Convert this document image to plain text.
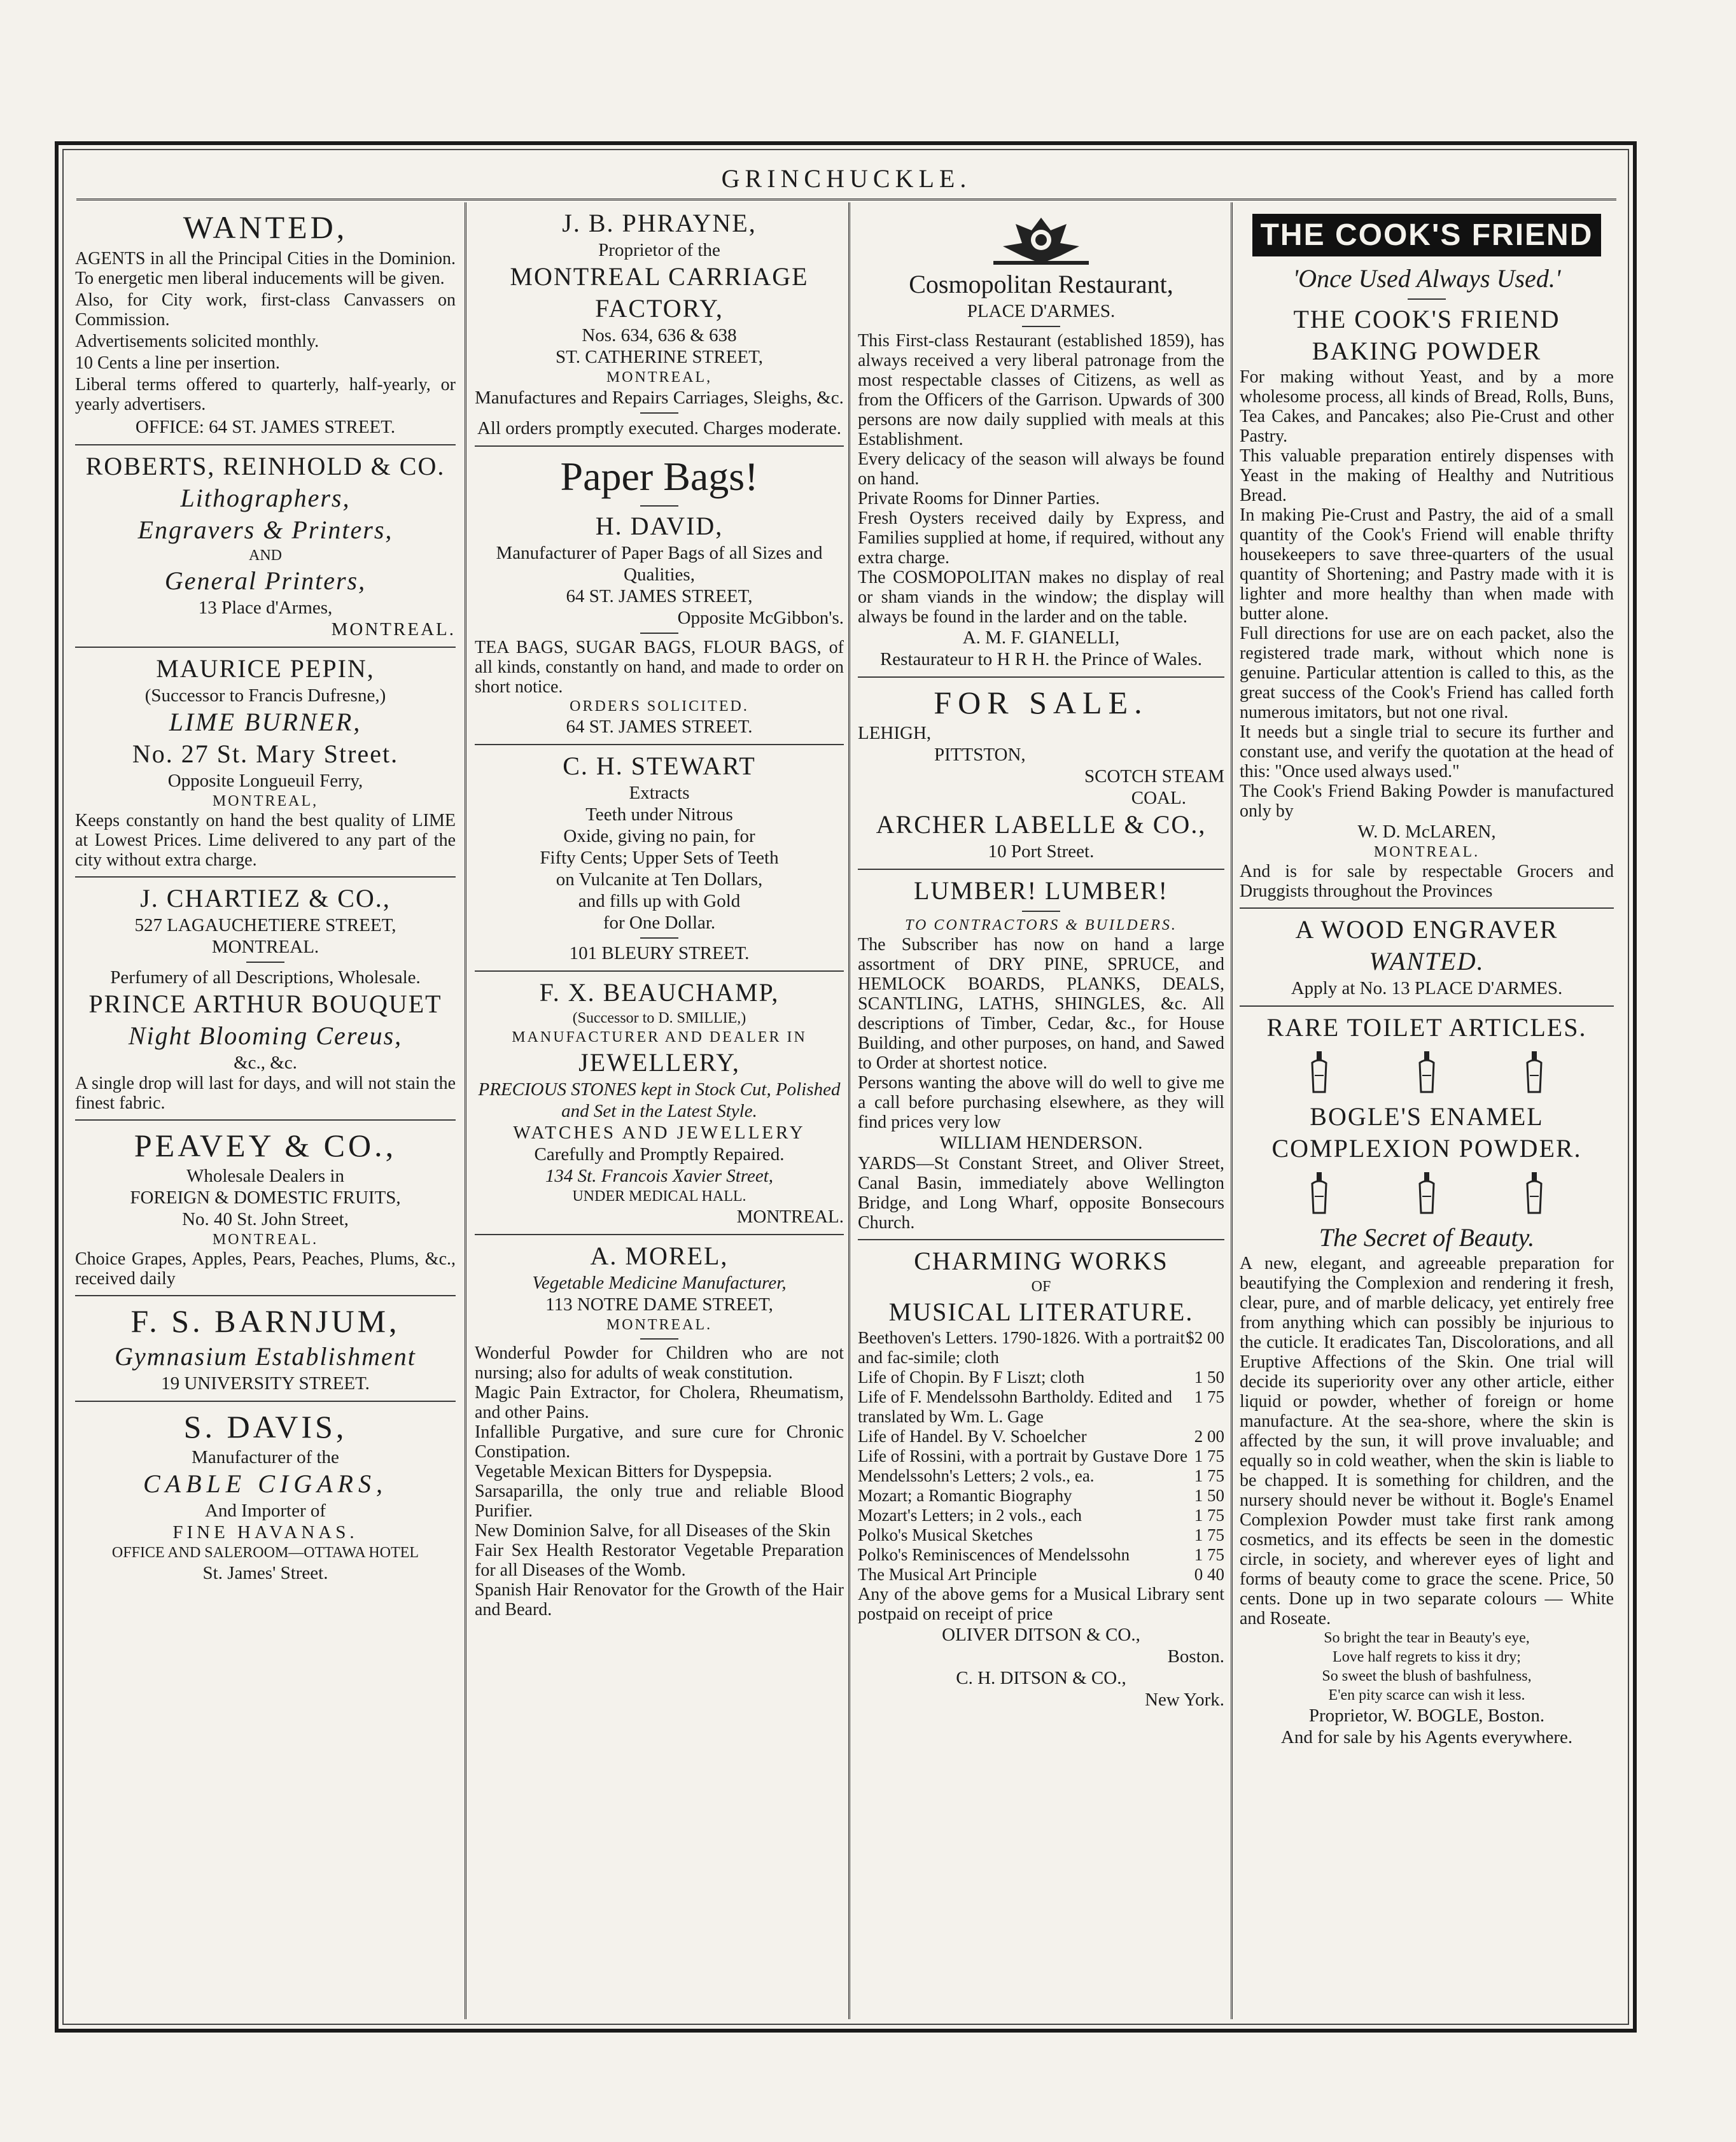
GRINCHUCKLE.
WANTED,
AGENTS in all the Principal Cities in the Dominion. To energetic men liberal inducements will be given.
Also, for City work, first-class Canvassers on Commission.
Advertisements solicited monthly.
10 Cents a line per insertion.
Liberal terms offered to quarterly, half-yearly, or yearly advertisers.
OFFICE: 64 ST. JAMES STREET.
ROBERTS, REINHOLD & CO.
Lithographers,
Engravers & Printers,
AND
General Printers,
13 Place d'Armes,
MONTREAL.
MAURICE PEPIN,
(Successor to Francis Dufresne,)
LIME BURNER,
No. 27 St. Mary Street.
Opposite Longueuil Ferry,
MONTREAL,
Keeps constantly on hand the best quality of LIME at Lowest Prices. Lime delivered to any part of the city without extra charge.
J. CHARTIEZ & CO.,
527 LAGAUCHETIERE STREET,
MONTREAL.
Perfumery of all Descriptions, Wholesale.
PRINCE ARTHUR BOUQUET
Night Blooming Cereus,
&c., &c.
A single drop will last for days, and will not stain the finest fabric.
PEAVEY & CO.,
Wholesale Dealers in
FOREIGN & DOMESTIC FRUITS,
No. 40 St. John Street,
MONTREAL.
Choice Grapes, Apples, Pears, Peaches, Plums, &c., received daily
F. S. BARNJUM,
Gymnasium Establishment
19 UNIVERSITY STREET.
S. DAVIS,
Manufacturer of the
CABLE CIGARS,
And Importer of
FINE HAVANAS.
OFFICE AND SALEROOM—OTTAWA HOTEL
St. James' Street.
J. B. PHRAYNE,
Proprietor of the
MONTREAL CARRIAGE
FACTORY,
Nos. 634, 636 & 638
ST. CATHERINE STREET,
MONTREAL,
Manufactures and Repairs Carriages, Sleighs, &c.
All orders promptly executed. Charges moderate.
Paper Bags!
H. DAVID,
Manufacturer of Paper Bags of all Sizes and Qualities,
64 ST. JAMES STREET,
Opposite McGibbon's.
TEA BAGS, SUGAR BAGS, FLOUR BAGS, of all kinds, constantly on hand, and made to order on short notice.
ORDERS SOLICITED.
64 ST. JAMES STREET.
C. H. STEWART
Extracts
Teeth under Nitrous
Oxide, giving no pain, for
Fifty Cents; Upper Sets of Teeth
on Vulcanite at Ten Dollars,
and fills up with Gold
for One Dollar.
101 BLEURY STREET.
F. X. BEAUCHAMP,
(Successor to D. SMILLIE,)
MANUFACTURER AND DEALER IN
JEWELLERY,
PRECIOUS STONES kept in Stock Cut, Polished and Set in the Latest Style.
WATCHES AND JEWELLERY
Carefully and Promptly Repaired.
134 St. Francois Xavier Street,
UNDER MEDICAL HALL.
MONTREAL.
A. MOREL,
Vegetable Medicine Manufacturer,
113 NOTRE DAME STREET,
MONTREAL.
Wonderful Powder for Children who are not nursing; also for adults of weak constitution.
Magic Pain Extractor, for Cholera, Rheumatism, and other Pains.
Infallible Purgative, and sure cure for Chronic Constipation.
Vegetable Mexican Bitters for Dyspepsia.
Sarsaparilla, the only true and reliable Blood Purifier.
New Dominion Salve, for all Diseases of the Skin
Fair Sex Health Restorator Vegetable Preparation for all Diseases of the Womb.
Spanish Hair Renovator for the Growth of the Hair and Beard.
Cosmopolitan Restaurant,
PLACE D'ARMES.
This First-class Restaurant (established 1859), has always received a very liberal patronage from the most respectable classes of Citizens, as well as from the Officers of the Garrison. Upwards of 300 persons are now daily supplied with meals at this Establishment.
Every delicacy of the season will always be found on hand.
Private Rooms for Dinner Parties.
Fresh Oysters received daily by Express, and Families supplied at home, if required, without any extra charge.
The COSMOPOLITAN makes no display of real or sham viands in the window; the display will always be found in the larder and on the table.
A. M. F. GIANELLI,
Restaurateur to H R H. the Prince of Wales.
FOR SALE.
LEHIGH,
PITTSTON,
SCOTCH STEAM
COAL.
ARCHER LABELLE & CO.,
10 Port Street.
LUMBER! LUMBER!
TO CONTRACTORS & BUILDERS.
The Subscriber has now on hand a large assortment of DRY PINE, SPRUCE, and HEMLOCK BOARDS, PLANKS, DEALS, SCANTLING, LATHS, SHINGLES, &c. All descriptions of Timber, Cedar, &c., for House Building, and other purposes, on hand, and Sawed to Order at shortest notice.
Persons wanting the above will do well to give me a call before purchasing elsewhere, as they will find prices very low
WILLIAM HENDERSON.
YARDS—St Constant Street, and Oliver Street, Canal Basin, immediately above Wellington Bridge, and Long Wharf, opposite Bonsecours Church.
CHARMING WORKS
OF
MUSICAL LITERATURE.
Beethoven's Letters. 1790-1826. With a portrait and fac-simile; cloth
$2 00
Life of Chopin. By F Liszt; cloth	1 50
Life of F. Mendelssohn Bartholdy. Edited and translated by Wm. L. Gage
1 75
Life of Handel. By V. Schoelcher	2 00
Life of Rossini, with a portrait by Gustave Dore 1 75
Mendelssohn's Letters; 2 vols., ea.	1 75
Mozart; a Romantic Biography	1 50
Mozart's Letters; in 2 vols., each	1 75
Polko's Musical Sketches	1 75
Polko's Reminiscences of Mendelssohn	1 75
The Musical Art Principle	0 40
Any of the above gems for a Musical Library sent postpaid on receipt of price
OLIVER DITSON & CO.,
Boston.
C. H. DITSON & CO.,
New York.
THE COOK'S FRIEND
'Once Used Always Used.'
THE COOK'S FRIEND
BAKING POWDER
For making without Yeast, and by a more wholesome process, all kinds of Bread, Rolls, Buns, Tea Cakes, and Pancakes; also Pie-Crust and other Pastry.
This valuable preparation entirely dispenses with Yeast in the making of Healthy and Nutritious Bread.
In making Pie-Crust and Pastry, the aid of a small quantity of the Cook's Friend will enable thrifty housekeepers to save three-quarters of the usual quantity of Shortening; and Pastry made with it is lighter and more healthy than when made with butter alone.
Full directions for use are on each packet, also the registered trade mark, without which none is genuine. Particular attention is called to this, as the great success of the Cook's Friend has called forth numerous imitators, but not one rival.
It needs but a single trial to secure its further and constant use, and verify the quotation at the head of this: "Once used always used."
The Cook's Friend Baking Powder is manufactured only by
W. D. McLAREN,
MONTREAL.
And is for sale by respectable Grocers and Druggists throughout the Provinces
A WOOD ENGRAVER
WANTED.
Apply at No. 13 PLACE D'ARMES.
RARE TOILET ARTICLES.
BOGLE'S ENAMEL COMPLEXION POWDER.
The Secret of Beauty.
A new, elegant, and agreeable preparation for beautifying the Complexion and rendering it fresh, clear, pure, and of marble delicacy, yet entirely free from anything which can possibly be injurious to the cuticle. It eradicates Tan, Discolorations, and all Eruptive Affections of the Skin. One trial will decide its superiority over any other article, either liquid or powder, whether of foreign or home manufacture. At the sea-shore, where the skin is affected by the sun, it will prove invaluable; and equally so in cold weather, when the skin is liable to be chapped. It is something for children, and the nursery should never be without it. Bogle's Enamel Complexion Powder must take first rank among cosmetics, and its effects be seen in the domestic circle, in society, and wherever eyes of light and forms of beauty come to grace the scene. Price, 50 cents. Done up in two separate colours — White and Roseate.
So bright the tear in Beauty's eye,
Love half regrets to kiss it dry;
So sweet the blush of bashfulness,
E'en pity scarce can wish it less.
Proprietor, W. BOGLE, Boston.
And for sale by his Agents everywhere.
